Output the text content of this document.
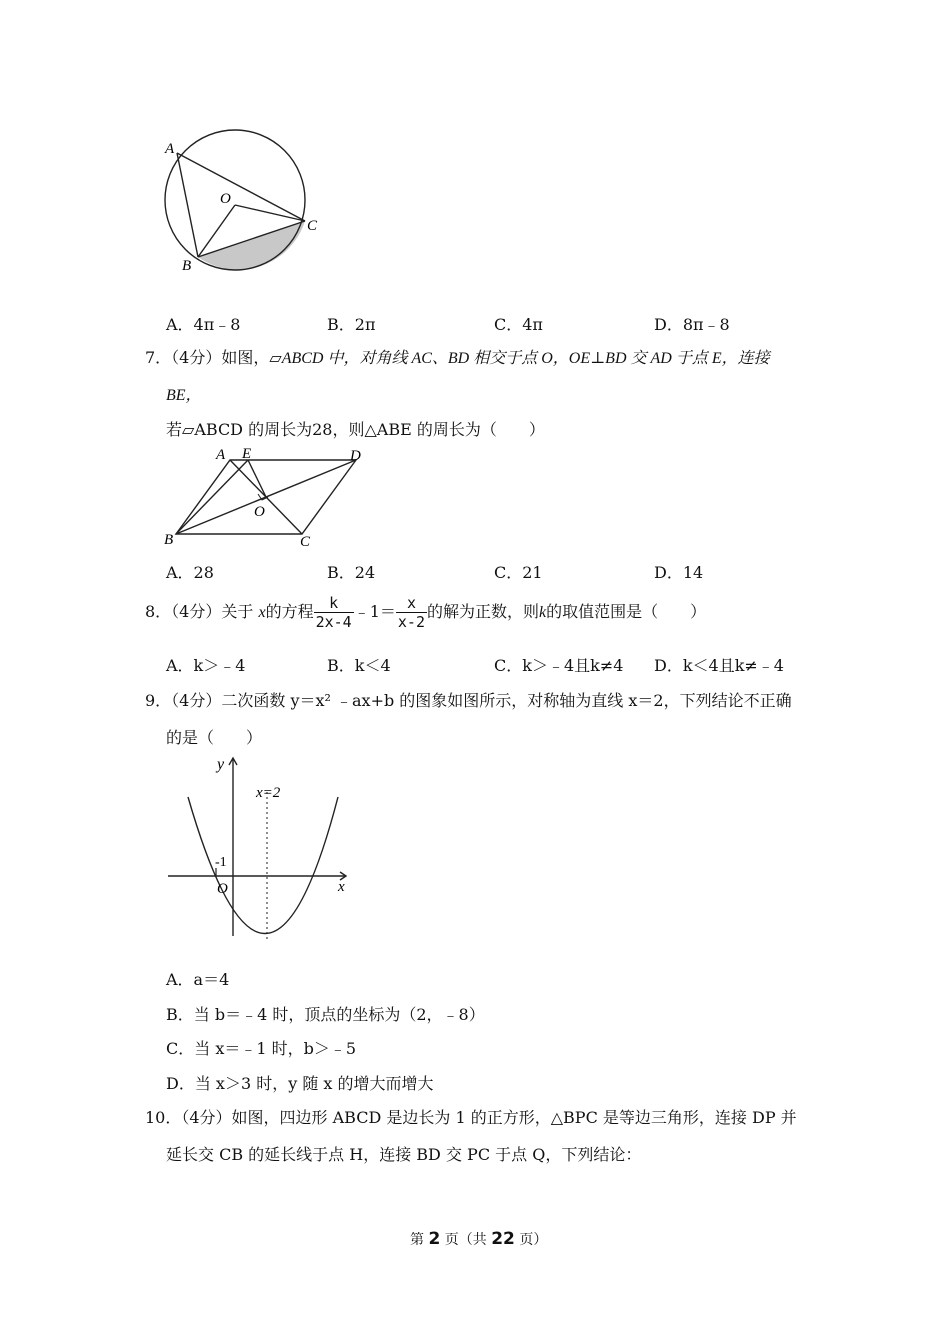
A
O
C
B
A．4π﹣8	B．2π	C．4π	D．8π﹣8
7．（4分）如图，▱ABCD 中，对角线 AC、BD 相交于点 O，OE⊥BD 交 AD 于点 E，连接
BE，
若▱ABCD 的周长为28，则△ABE 的周长为（　　）
A E	D
O
B	C
A．28	B．24	C．21	D．14
8．（4分）关于 x的方程 $\frac{k}{2x-4}$ ﹣1＝ $\frac{x}{x-2}$ 的解为正数，则k的取值范围是（　　）
A．k＞﹣4	B．k＜4	C．k＞﹣4且k≠4 D．k＜4且k≠﹣4
9．（4分）二次函数 y＝x² ﹣ax+b 的图象如图所示，对称轴为直线 x＝2，下列结论不正确
的是（　　）
y
x
x=2
-1
O
A．a＝4
B．当 b＝﹣4 时，顶点的坐标为（2，﹣8）
C．当 x＝﹣1 时，b＞﹣5
D．当 x＞3 时，y 随 x 的增大而增大
10．（4分）如图，四边形 ABCD 是边长为 1 的正方形，△BPC 是等边三角形，连接 DP 并
延长交 CB 的延长线于点 H，连接 BD 交 PC 于点 Q，下列结论：
第 2 页（共 22 页）
